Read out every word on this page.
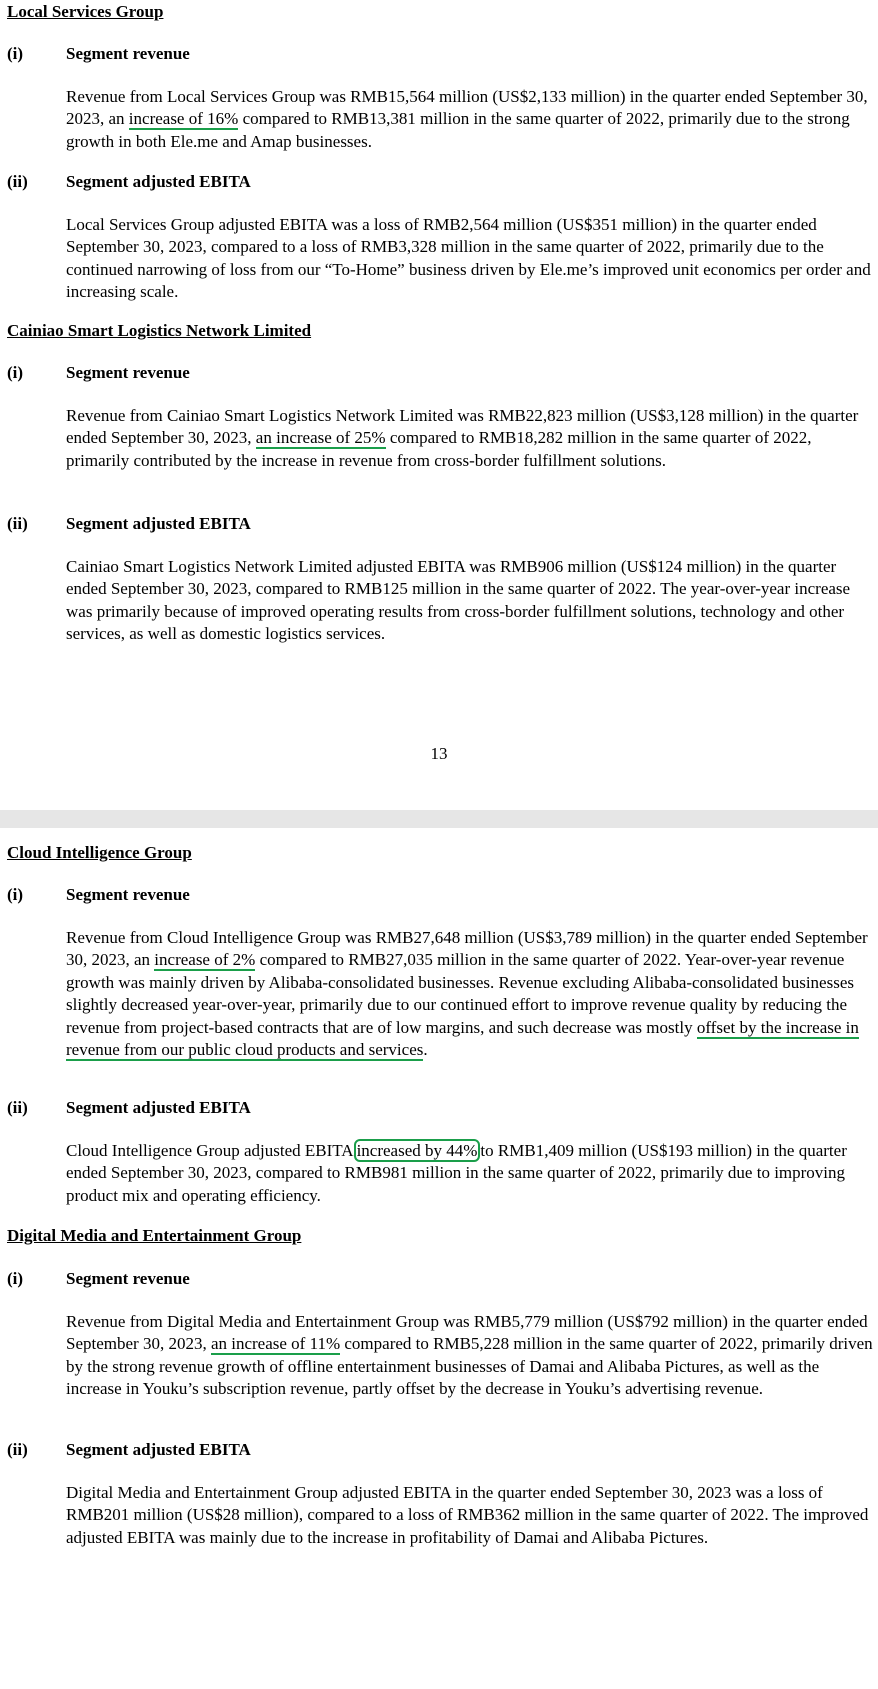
Local Services Group
(i)	Segment revenue
Revenue from Local Services Group was RMB15,564 million (US$2,133 million) in the quarter ended September 30, 2023, an increase of 16% compared to RMB13,381 million in the same quarter of 2022, primarily due to the strong growth in both Ele.me and Amap businesses.
(ii) Segment adjusted EBITA
Local Services Group adjusted EBITA was a loss of RMB2,564 million (US$351 million) in the quarter ended September 30, 2023, compared to a loss of RMB3,328 million in the same quarter of 2022, primarily due to the continued narrowing of loss from our “To-Home” business driven by Ele.me’s improved unit economics per order and increasing scale.
Cainiao Smart Logistics Network Limited
(i)	Segment revenue
Revenue from Cainiao Smart Logistics Network Limited was RMB22,823 million (US$3,128 million) in the quarter ended September 30, 2023, an increase of 25% compared to RMB18,282 million in the same quarter of 2022, primarily contributed by the increase in revenue from cross-border fulfillment solutions.
(ii) Segment adjusted EBITA
Cainiao Smart Logistics Network Limited adjusted EBITA was RMB906 million (US$124 million) in the quarter ended September 30, 2023, compared to RMB125 million in the same quarter of 2022. The year-over-year increase was primarily because of improved operating results from cross-border fulfillment solutions, technology and other services, as well as domestic logistics services.
13
Cloud Intelligence Group
(i)	Segment revenue
Revenue from Cloud Intelligence Group was RMB27,648 million (US$3,789 million) in the quarter ended September 30, 2023, an increase of 2% compared to RMB27,035 million in the same quarter of 2022. Year-over-year revenue growth was mainly driven by Alibaba-consolidated businesses. Revenue excluding Alibaba-consolidated businesses slightly decreased year-over-year, primarily due to our continued effort to improve revenue quality by reducing the revenue from project-based contracts that are of low margins, and such decrease was mostly offset by the increase in revenue from our public cloud products and services.
(ii) Segment adjusted EBITA
Cloud Intelligence Group adjusted EBITA increased by 44% to RMB1,409 million (US$193 million) in the quarter ended September 30, 2023, compared to RMB981 million in the same quarter of 2022, primarily due to improving product mix and operating efficiency.
Digital Media and Entertainment Group
(i)	Segment revenue
Revenue from Digital Media and Entertainment Group was RMB5,779 million (US$792 million) in the quarter ended September 30, 2023, an increase of 11% compared to RMB5,228 million in the same quarter of 2022, primarily driven by the strong revenue growth of offline entertainment businesses of Damai and Alibaba Pictures, as well as the increase in Youku’s subscription revenue, partly offset by the decrease in Youku’s advertising revenue.
(ii) Segment adjusted EBITA
Digital Media and Entertainment Group adjusted EBITA in the quarter ended September 30, 2023 was a loss of RMB201 million (US$28 million), compared to a loss of RMB362 million in the same quarter of 2022. The improved adjusted EBITA was mainly due to the increase in profitability of Damai and Alibaba Pictures.
